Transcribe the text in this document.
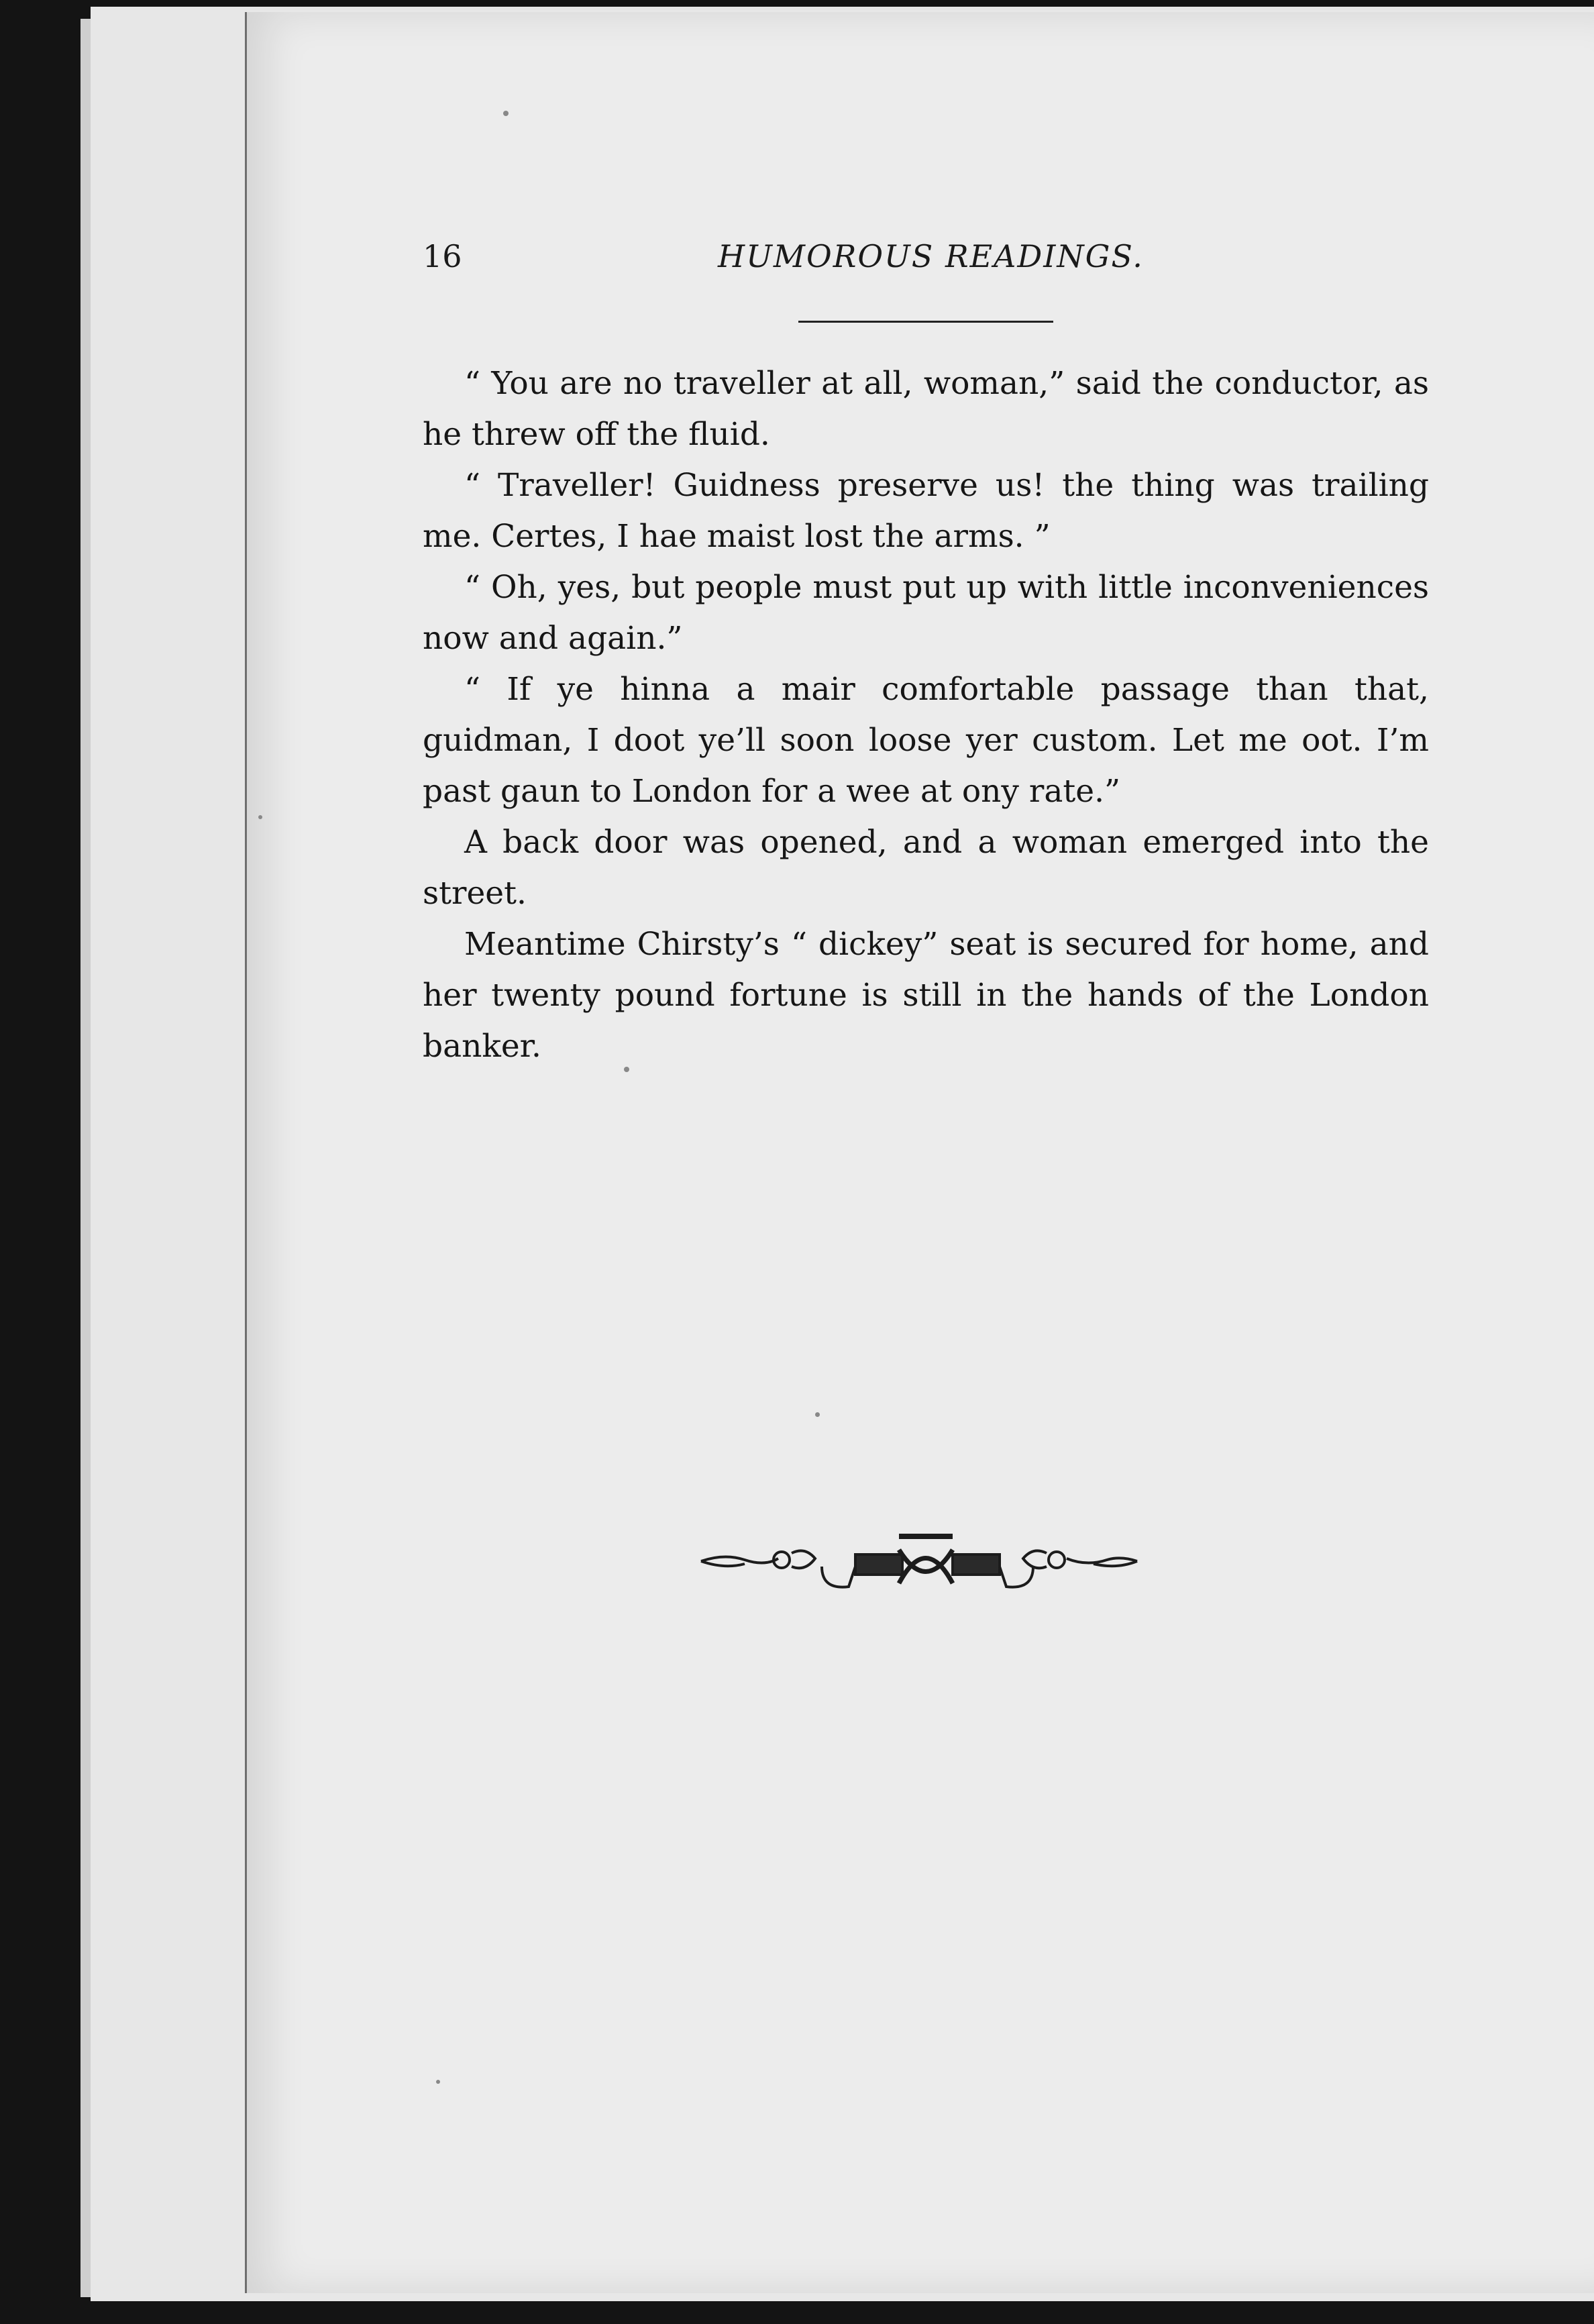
16	HUMOROUS READINGS.

“ You are no traveller at all, woman,” said the conductor, as he threw off the fluid.

“ Traveller! Guidness preserve us! the thing was trailing me. Certes, I hae maist lost the arms. ”

“ Oh, yes, but people must put up with little inconveniences now and again.”

“ If ye hinna a mair comfortable passage than that, guidman, I doot ye’ll soon loose yer custom. Let me oot. I’m past gaun to London for a wee at ony rate.”

A back door was opened, and a woman emerged into the street.

Meantime Chirsty’s “ dickey” seat is secured for home, and her twenty pound fortune is still in the hands of the London banker.
